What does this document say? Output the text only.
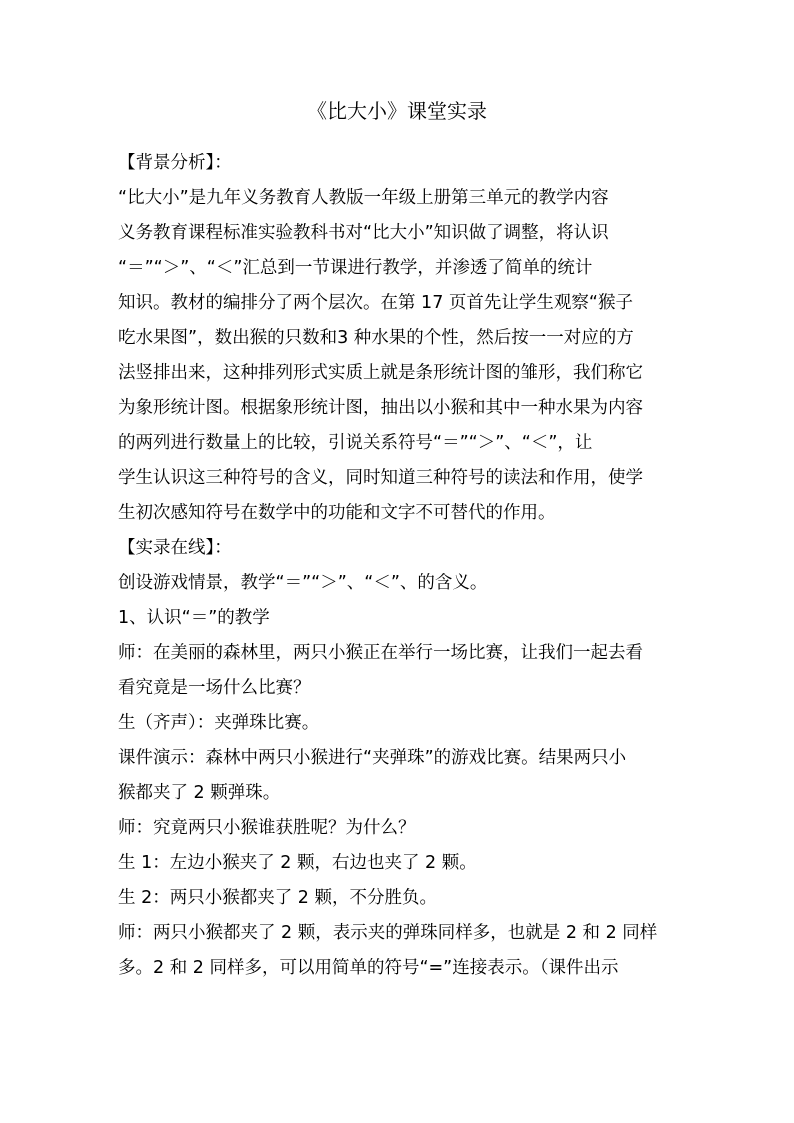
《比大小》课堂实录
【背景分析】：
“比大小”是九年义务教育人教版一年级上册第三单元的教学内容
义务教育课程标准实验教科书对“比大小”知识做了调整，将认识
“＝”“＞”、“＜”汇总到一节课进行教学，并渗透了简单的统计
知识。教材的编排分了两个层次。在第 17 页首先让学生观察“猴子
吃水果图”，数出猴的只数和3 种水果的个性，然后按一一对应的方
法竖排出来，这种排列形式实质上就是条形统计图的雏形，我们称它
为象形统计图。根据象形统计图，抽出以小猴和其中一种水果为内容
的两列进行数量上的比较，引说关系符号“＝”“＞”、“＜”，让
学生认识这三种符号的含义，同时知道三种符号的读法和作用，使学
生初次感知符号在数学中的功能和文字不可替代的作用。
【实录在线】：
创设游戏情景，教学“＝”“＞”、“＜”、的含义。
1、认识“＝”的教学
师：在美丽的森林里，两只小猴正在举行一场比赛，让我们一起去看
看究竟是一场什么比赛？
生（齐声）：夹弹珠比赛。
课件演示：森林中两只小猴进行“夹弹珠”的游戏比赛。结果两只小
猴都夹了 2 颗弹珠。
师：究竟两只小猴谁获胜呢？为什么？
生 1：左边小猴夹了 2 颗，右边也夹了 2 颗。
生 2：两只小猴都夹了 2 颗，不分胜负。
师：两只小猴都夹了 2 颗，表示夹的弹珠同样多，也就是 2 和 2 同样
多。2 和 2 同样多，可以用简单的符号“=”连接表示。（课件出示
